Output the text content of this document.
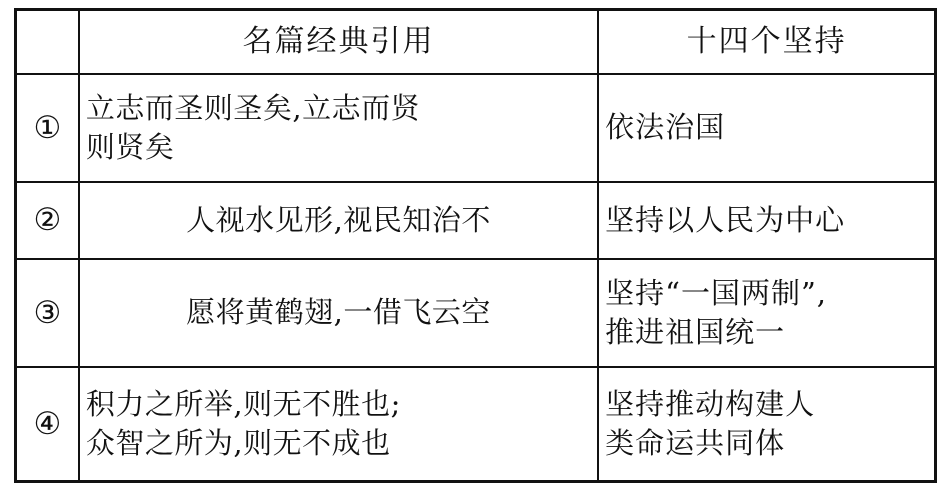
	名篇经典引用	十四个坚持
①	立志而圣则圣矣,立志而贤
则贤矣	依法治国

②	人视水见形,视民知治不	坚持以人民为中心

③	愿将黄鹤翅,一借飞云空	坚持“一国两制”,
推进祖国统一

④	积力之所举,则无不胜也;
众智之所为,则无不成也	坚持推动构建人
类命运共同体
